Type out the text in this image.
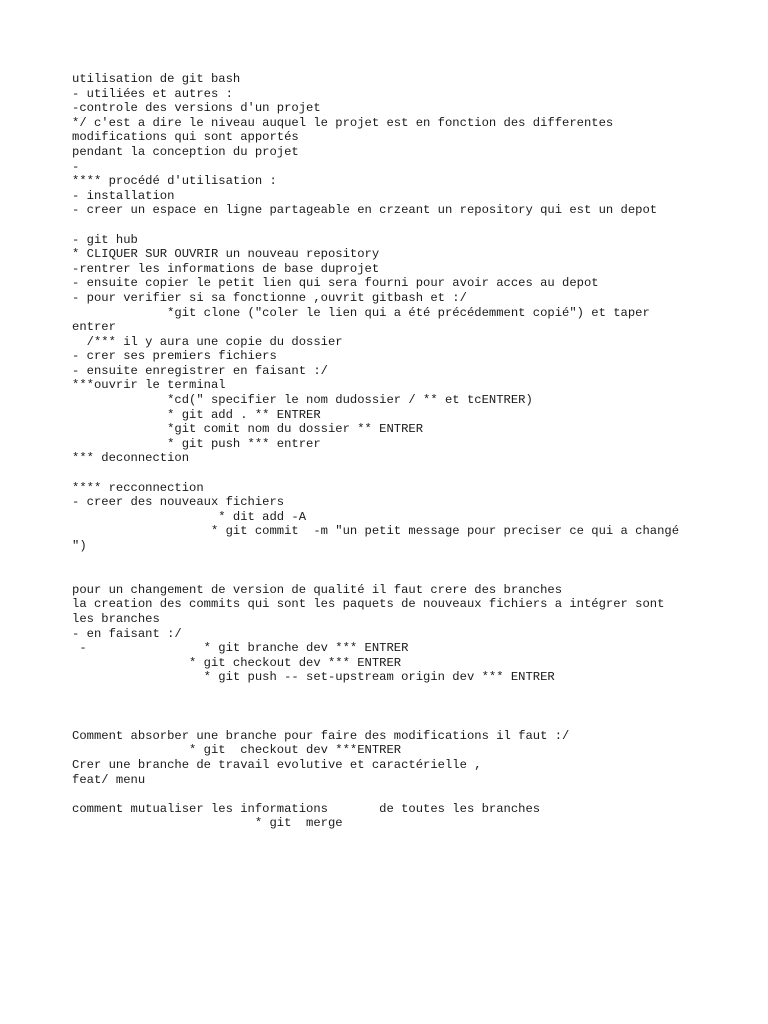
utilisation de git bash
- utiliées et autres :
-controle des versions d'un projet
*/ c'est a dire le niveau auquel le projet est en fonction des differentes
modifications qui sont apportés
pendant la conception du projet
-
**** procédé d'utilisation :
- installation
- creer un espace en ligne partageable en crzeant un repository qui est un depot
- git hub
* CLIQUER SUR OUVRIR un nouveau repository
-rentrer les informations de base duprojet
- ensuite copier le petit lien qui sera fourni pour avoir acces au depot
- pour verifier si sa fonctionne ,ouvrit gitbash et :/
*git clone ("coler le lien qui a été précédemment copié") et taper
entrer
/*** il y aura une copie du dossier
- crer ses premiers fichiers
- ensuite enregistrer en faisant :/
***ouvrir le terminal
*cd(" specifier le nom dudossier / ** et tcENTRER)
* git add . ** ENTRER
*git comit nom du dossier ** ENTRER
* git push *** entrer
*** deconnection
**** recconnection
- creer des nouveaux fichiers
* dit add -A
* git commit  -m "un petit message pour preciser ce qui a changé
")
pour un changement de version de qualité il faut crere des branches
la creation des commits qui sont les paquets de nouveaux fichiers a intégrer sont
les branches
- en faisant :/
-                * git branche dev *** ENTRER
* git checkout dev *** ENTRER
* git push -- set-upstream origin dev *** ENTRER
Comment absorber une branche pour faire des modifications il faut :/
* git  checkout dev ***ENTRER
Crer une branche de travail evolutive et caractérielle ,
feat/ menu
comment mutualiser les informations       de toutes les branches
* git  merge
